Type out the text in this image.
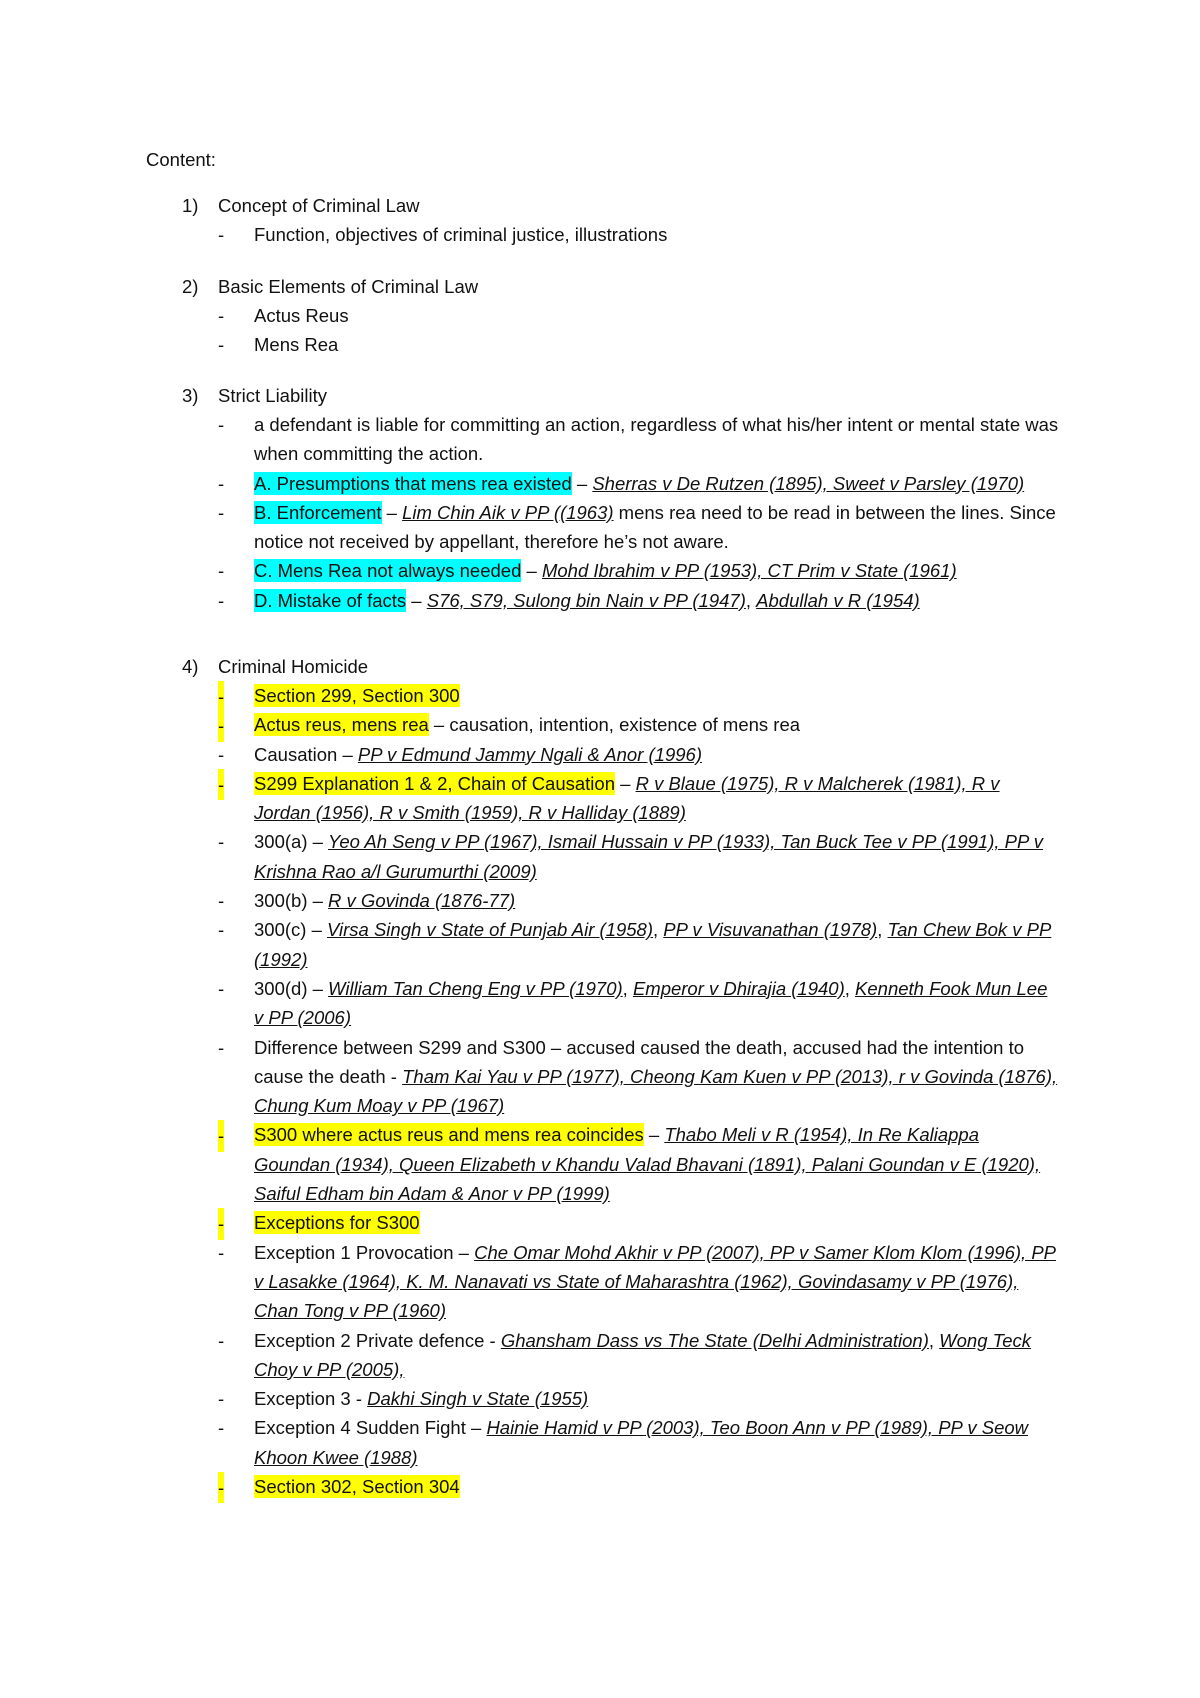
Content:
1) Concept of Criminal Law
- Function, objectives of criminal justice, illustrations
2) Basic Elements of Criminal Law
- Actus Reus
- Mens Rea
3) Strict Liability
- a defendant is liable for committing an action, regardless of what his/her intent or mental state was when committing the action.
- A. Presumptions that mens rea existed – Sherras v De Rutzen (1895), Sweet v Parsley (1970)
- B. Enforcement – Lim Chin Aik v PP ((1963) mens rea need to be read in between the lines. Since notice not received by appellant, therefore he’s not aware.
- C. Mens Rea not always needed – Mohd Ibrahim v PP (1953), CT Prim v State (1961)
- D. Mistake of facts – S76, S79, Sulong bin Nain v PP (1947), Abdullah v R (1954)
4) Criminal Homicide
- Section 299, Section 300
- Actus reus, mens rea – causation, intention, existence of mens rea
- Causation – PP v Edmund Jammy Ngali & Anor (1996)
- S299 Explanation 1 & 2, Chain of Causation – R v Blaue (1975), R v Malcherek (1981), R v Jordan (1956), R v Smith (1959), R v Halliday (1889)
- 300(a) – Yeo Ah Seng v PP (1967), Ismail Hussain v PP (1933), Tan Buck Tee v PP (1991), PP v Krishna Rao a/l Gurumurthi (2009)
- 300(b) – R v Govinda (1876-77)
- 300(c) – Virsa Singh v State of Punjab Air (1958), PP v Visuvanathan (1978), Tan Chew Bok v PP (1992)
- 300(d) – William Tan Cheng Eng v PP (1970), Emperor v Dhirajia (1940), Kenneth Fook Mun Lee v PP (2006)
- Difference between S299 and S300 – accused caused the death, accused had the intention to cause the death - Tham Kai Yau v PP (1977), Cheong Kam Kuen v PP (2013), r v Govinda (1876), Chung Kum Moay v PP (1967)
- S300 where actus reus and mens rea coincides – Thabo Meli v R (1954), In Re Kaliappa Goundan (1934), Queen Elizabeth v Khandu Valad Bhavani (1891), Palani Goundan v E (1920), Saiful Edham bin Adam & Anor v PP (1999)
- Exceptions for S300
- Exception 1 Provocation – Che Omar Mohd Akhir v PP (2007), PP v Samer Klom Klom (1996), PP v Lasakke (1964), K. M. Nanavati vs State of Maharashtra (1962), Govindasamy v PP (1976), Chan Tong v PP (1960)
- Exception 2 Private defence - Ghansham Dass vs The State (Delhi Administration), Wong Teck Choy v PP (2005),
- Exception 3 - Dakhi Singh v State (1955)
- Exception 4 Sudden Fight – Hainie Hamid v PP (2003), Teo Boon Ann v PP (1989), PP v Seow Khoon Kwee (1988)
- Section 302, Section 304
